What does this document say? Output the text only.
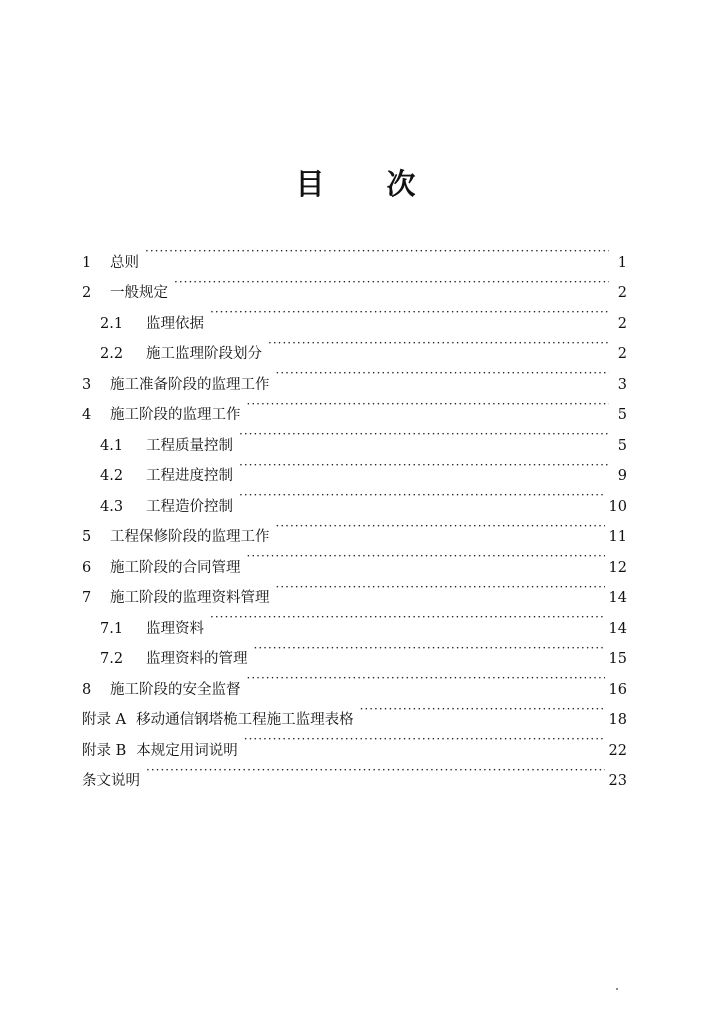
目 次
1	总则 ·····	1
2	一般规定 ·····	2
2.1	监理依据 ·····	2
2.2	施工监理阶段划分 ·····	2
3	施工准备阶段的监理工作 ·····	3
4	施工阶段的监理工作 ·····	5
4.1	工程质量控制 ·····	5
4.2	工程进度控制 ·····	9
4.3	工程造价控制 ·····	10
5	工程保修阶段的监理工作 ·····	11
6	施工阶段的合同管理 ·····	12
7	施工阶段的监理资料管理 ·····	14
7.1	监理资料 ·····	14
7.2	监理资料的管理 ·····	15
8	施工阶段的安全监督 ·····	16
附录 A 移动通信钢塔桅工程施工监理表格 ·····	18
附录 B 本规定用词说明 ·····	22
条文说明 ·····	23
